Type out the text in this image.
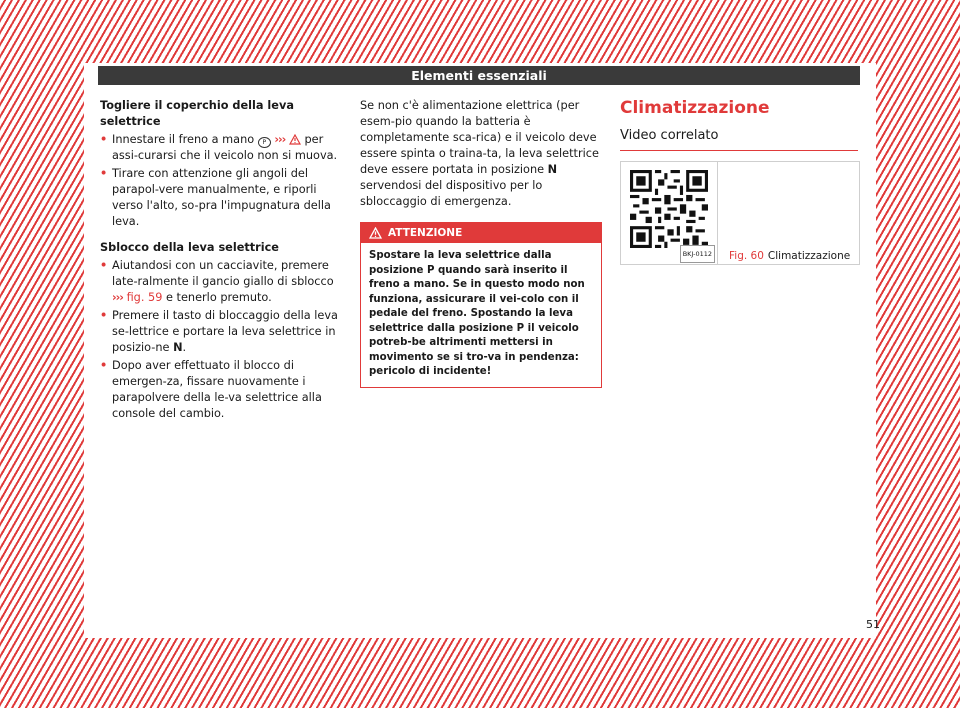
Elementi essenziali

Togliere il coperchio della leva selettrice

• Innestare il freno a mano P ››› per assi-curarsi che il veicolo non si muova.

• Tirare con attenzione gli angoli del parapol-vere manualmente, e riporli verso l'alto, so-pra l'impugnatura della leva.

Sblocco della leva selettrice

• Aiutandosi con un cacciavite, premere late-ralmente il gancio giallo di sblocco ››› fig. 59 e tenerlo premuto.

• Premere il tasto di bloccaggio della leva se-lettrice e portare la leva selettrice in posizio-ne N.

• Dopo aver effettuato il blocco di emergen-za, fissare nuovamente i parapolvere della le-va selettrice alla console del cambio.

Se non c'è alimentazione elettrica (per esem-pio quando la batteria è completamente sca-rica) e il veicolo deve essere spinta o traina-ta, la leva selettrice deve essere portata in posizione N servendosi del dispositivo per lo sbloccaggio di emergenza.

ATTENZIONE
Spostare la leva selettrice dalla posizione P quando sarà inserito il freno a mano. Se in questo modo non funziona, assicurare il vei-colo con il pedale del freno. Spostando la leva selettrice dalla posizione P il veicolo potreb-be altrimenti mettersi in movimento se si tro-va in pendenza: pericolo di incidente!
Climatizzazione
Video correlato
BKJ-0112 Fig. 60 Climatizzazione
51
